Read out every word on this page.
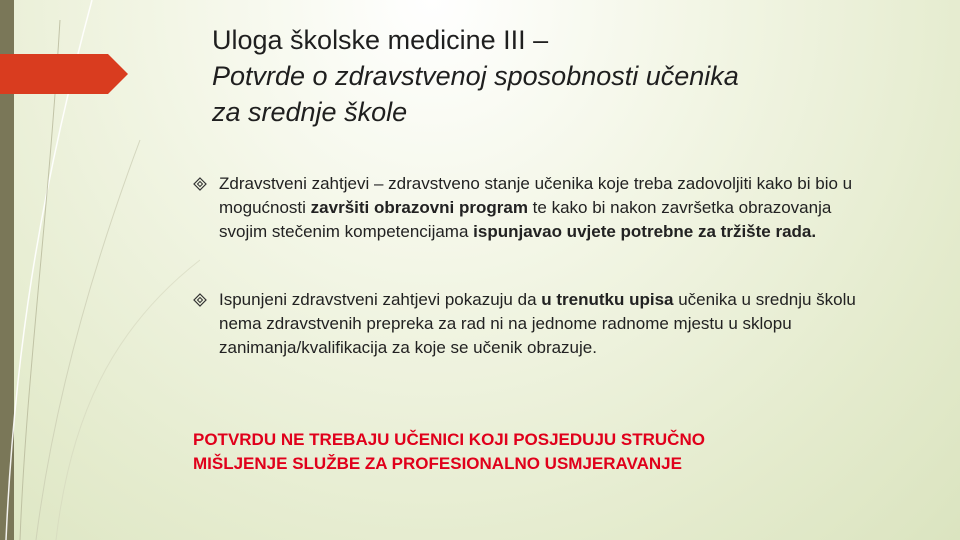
Uloga školske medicine III –
Potvrde o zdravstvenoj sposobnosti učenika
za srednje škole
Zdravstveni zahtjevi – zdravstveno stanje učenika koje treba zadovoljiti kako bi bio u mogućnosti završiti obrazovni program te kako bi nakon završetka obrazovanja svojim stečenim kompetencijama ispunjavao uvjete potrebne za tržište rada.
Ispunjeni zdravstveni zahtjevi pokazuju da u trenutku upisa učenika u srednju školu nema zdravstvenih prepreka za rad ni na jednome radnome mjestu u sklopu zanimanja/kvalifikacija za koje se učenik obrazuje.
POTVRDU NE TREBAJU UČENICI KOJI POSJEDUJU STRUČNO
MIŠLJENJE SLUŽBE ZA PROFESIONALNO USMJERAVANJE
